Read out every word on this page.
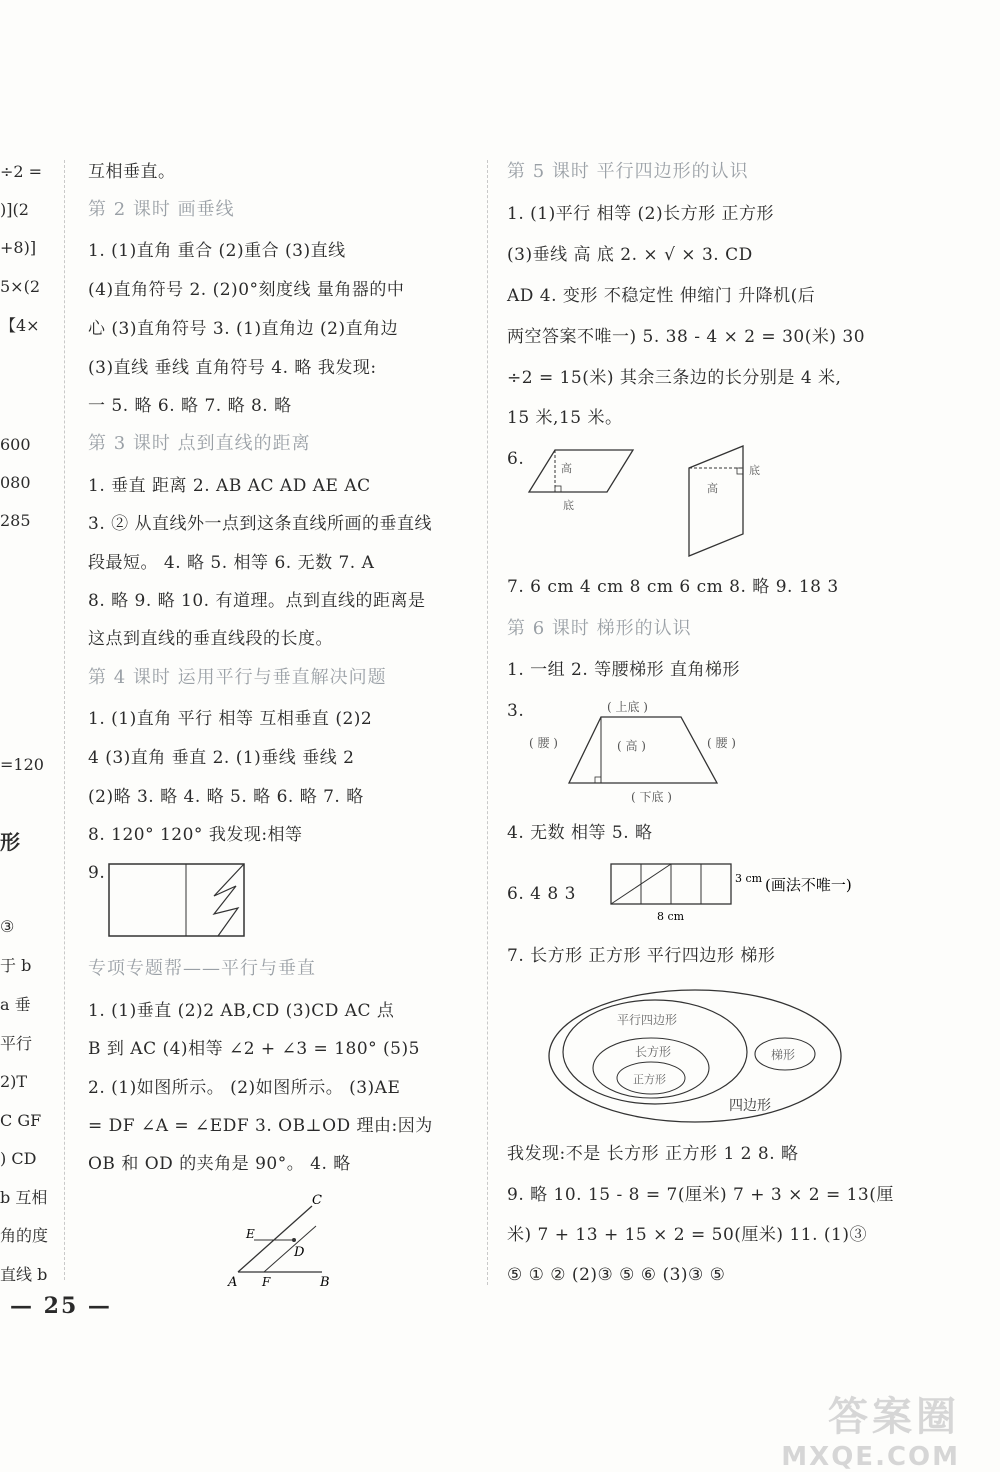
÷2 =
)](2
+8)]
5×(2
【4×
600
080
285
=120
形
③
于 b
a 垂
平行
2)T
C GF
) CD
b 互相
角的度
直线 b
互相垂直。
第 2 课时 画垂线
1. (1)直角 重合 (2)重合 (3)直线
(4)直角符号 2. (2)0°刻度线 量角器的中
心 (3)直角符号 3. (1)直角边 (2)直角边
(3)直线 垂线 直角符号 4. 略 我发现:
一 5. 略 6. 略 7. 略 8. 略
第 3 课时 点到直线的距离
1. 垂直 距离 2. AB AC AD AE AC
3. ② 从直线外一点到这条直线所画的垂直线
段最短。 4. 略 5. 相等 6. 无数 7. A
8. 略 9. 略 10. 有道理。点到直线的距离是
这点到直线的垂直线段的长度。
第 4 课时 运用平行与垂直解决问题
1. (1)直角 平行 相等 互相垂直 (2)2
4 (3)直角 垂直 2. (1)垂线 垂线 2
(2)略 3. 略 4. 略 5. 略 6. 略 7. 略
8. 120° 120° 我发现:相等
9.
专项专题帮——平行与垂直
1. (1)垂直 (2)2 AB,CD (3)CD AC 点
B 到 AC (4)相等 ∠2 + ∠3 = 180° (5)5
2. (1)如图所示。 (2)如图所示。 (3)AE
= DF ∠A = ∠EDF 3. OB⊥OD 理由:因为
OB 和 OD 的夹角是 90°。 4. 略
C
E
D
A F	B
第 5 课时 平行四边形的认识
1. (1)平行 相等 (2)长方形 正方形
(3)垂线 高 底 2. × √ × 3. CD
AD 4. 变形 不稳定性 伸缩门 升降机(后
两空答案不唯一) 5. 38 - 4 × 2 = 30(米) 30
÷2 = 15(米) 其余三条边的长分别是 4 米,
15 米,15 米。
6.	高
底
高
底
7. 6 cm 4 cm 8 cm 6 cm 8. 略 9. 18 3
第 6 课时 梯形的认识
1. 一组 2. 等腰梯形 直角梯形
3.	( 上底 )
( 腰 )	( 高 )	( 腰 )
( 下底 )
4. 无数 相等 5. 略
6. 4 8 3
3 cm (画法不唯一)
8 cm
7. 长方形 正方形 平行四边形 梯形
平行四边形
长方形
正方形
梯形
四边形
我发现:不是 长方形 正方形 1 2 8. 略
9. 略 10. 15 - 8 = 7(厘米) 7 + 3 × 2 = 13(厘
米) 7 + 13 + 15 × 2 = 50(厘米) 11. (1)③
⑤ ① ② (2)③ ⑤ ⑥ (3)③ ⑤
— 25 —
答案圈
MXQE.COM
